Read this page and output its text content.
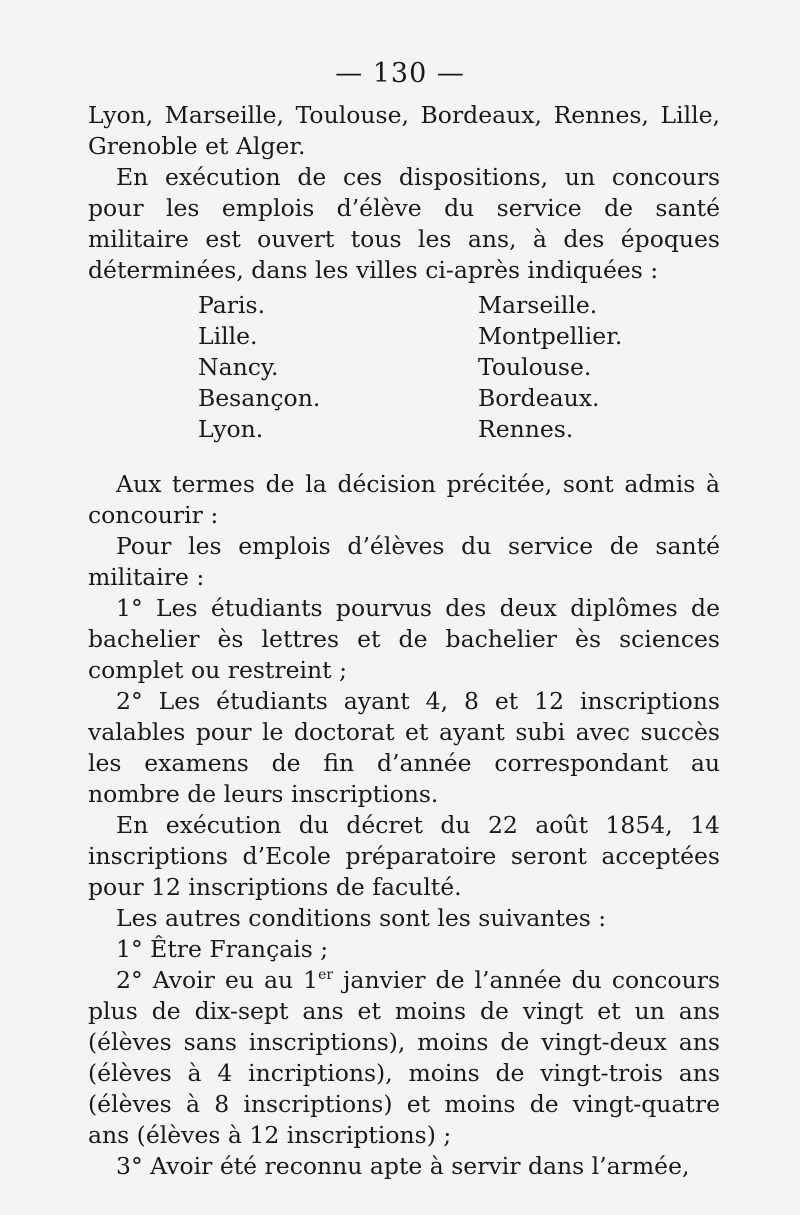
— 130 —

Lyon, Marseille, Toulouse, Bordeaux, Rennes, Lille, Grenoble et Alger.

En exécution de ces dispositions, un concours pour les emplois d’élève du service de santé militaire est ouvert tous les ans, à des époques déterminées, dans les villes ci-après indiquées :

Paris.	Marseille.
Lille.	Montpellier.
Nancy.	Toulouse.
Besançon.	Bordeaux.
Lyon.	Rennes.

Aux termes de la décision précitée, sont admis à concourir :

Pour les emplois d’élèves du service de santé militaire :

1° Les étudiants pourvus des deux diplômes de bachelier ès lettres et de bachelier ès sciences complet ou restreint ;

2° Les étudiants ayant 4, 8 et 12 inscriptions valables pour le doctorat et ayant subi avec succès les examens de fin d’année correspondant au nombre de leurs inscriptions.

En exécution du décret du 22 août 1854, 14 inscriptions d’Ecole préparatoire seront acceptées pour 12 inscriptions de faculté.

Les autres conditions sont les suivantes :

1° Être Français ;

2° Avoir eu au 1er janvier de l’année du concours plus de dix-sept ans et moins de vingt et un ans (élèves sans inscriptions), moins de vingt-deux ans (élèves à 4 incriptions), moins de vingt-trois ans (élèves à 8 inscriptions) et moins de vingt-quatre ans (élèves à 12 inscriptions) ;

3° Avoir été reconnu apte à servir dans l’armée,
